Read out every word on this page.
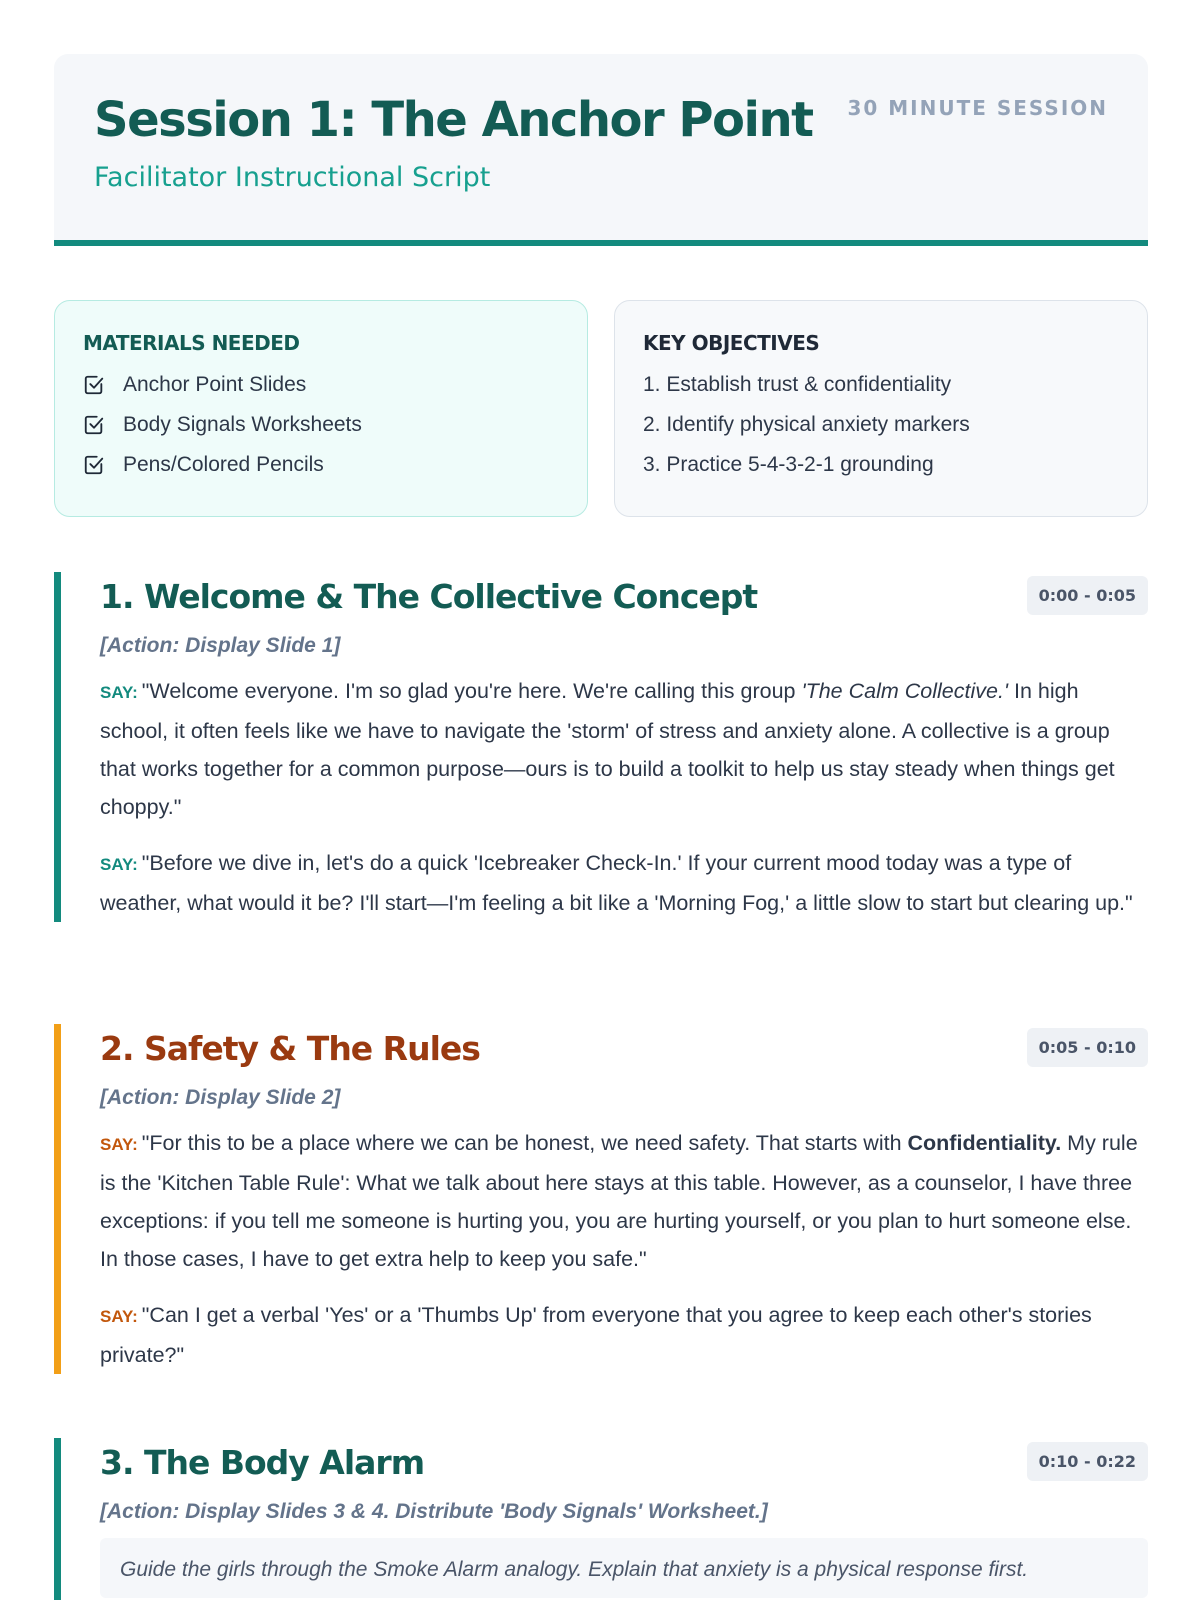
Session 1: The Anchor Point
Facilitator Instructional Script
30 MINUTE SESSION
MATERIALS NEEDED
Anchor Point Slides
Body Signals Worksheets
Pens/Colored Pencils
KEY OBJECTIVES
1. Establish trust & confidentiality
2. Identify physical anxiety markers
3. Practice 5-4-3-2-1 grounding
1. Welcome & The Collective Concept	0:00 - 0:05
[Action: Display Slide 1]

SAY: "Welcome everyone. I'm so glad you're here. We're calling this group 'The Calm Collective.' In high school, it often feels like we have to navigate the 'storm' of stress and anxiety alone. A collective is a group that works together for a common purpose—ours is to build a toolkit to help us stay steady when things get choppy."

SAY: "Before we dive in, let's do a quick 'Icebreaker Check-In.' If your current mood today was a type of weather, what would it be? I'll start—I'm feeling a bit like a 'Morning Fog,' a little slow to start but clearing up."

2. Safety & The Rules	0:05 - 0:10
[Action: Display Slide 2]

SAY: "For this to be a place where we can be honest, we need safety. That starts with Confidentiality. My rule is the 'Kitchen Table Rule': What we talk about here stays at this table. However, as a counselor, I have three exceptions: if you tell me someone is hurting you, you are hurting yourself, or you plan to hurt someone else. In those cases, I have to get extra help to keep you safe."

SAY: "Can I get a verbal 'Yes' or a 'Thumbs Up' from everyone that you agree to keep each other's stories private?"

3. The Body Alarm	0:10 - 0:22
[Action: Display Slides 3 & 4. Distribute 'Body Signals' Worksheet.]
Guide the girls through the Smoke Alarm analogy. Explain that anxiety is a physical response first.
